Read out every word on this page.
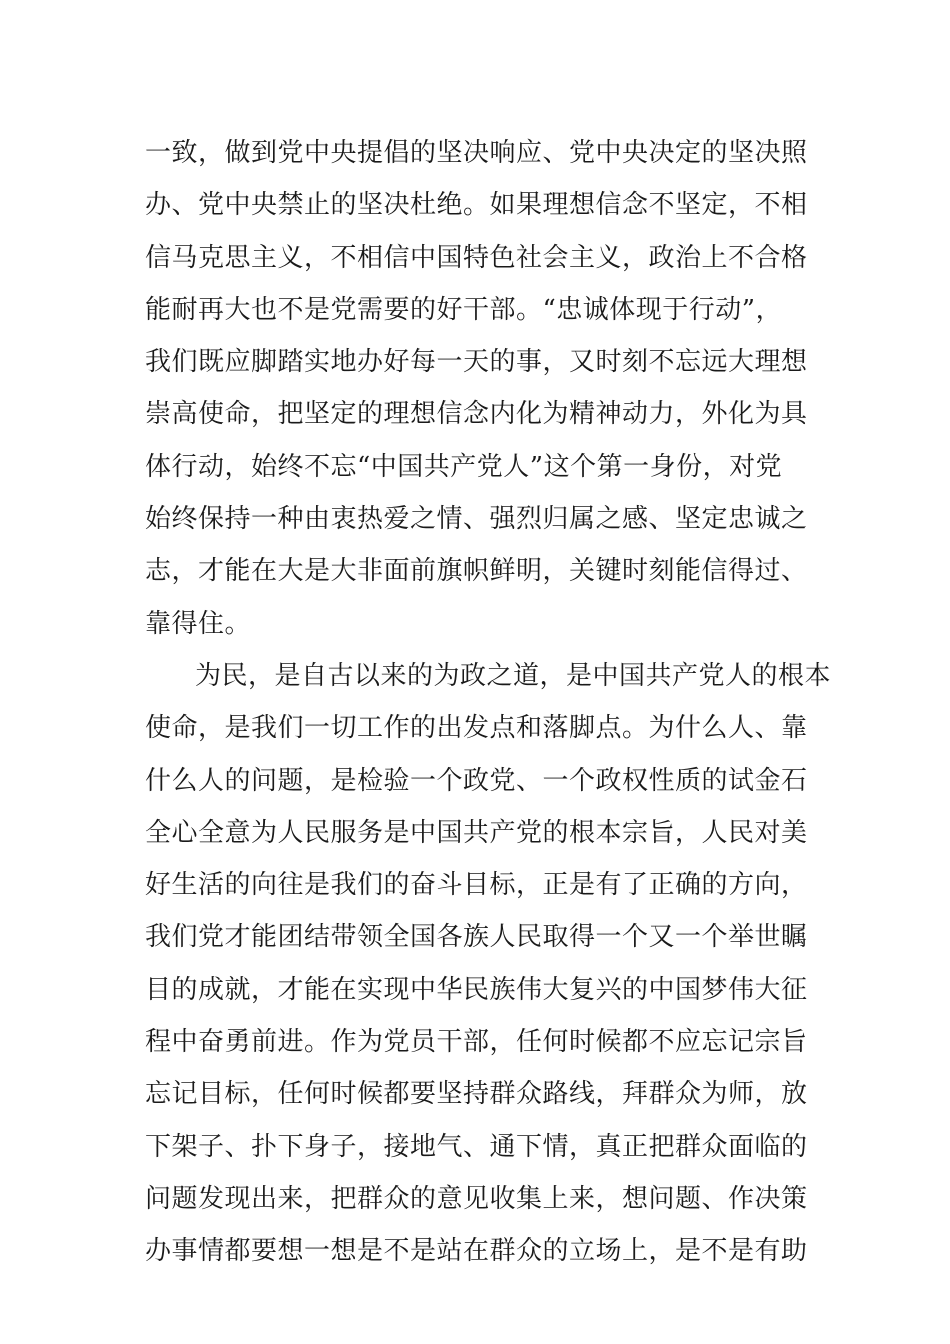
一致，做到党中央提倡的坚决响应、党中央决定的坚决照
办、党中央禁止的坚决杜绝。如果理想信念不坚定，不相
信马克思主义，不相信中国特色社会主义，政治上不合格
能耐再大也不是党需要的好干部。“忠诚体现于行动”，
我们既应脚踏实地办好每一天的事，又时刻不忘远大理想
崇高使命，把坚定的理想信念内化为精神动力，外化为具
体行动，始终不忘“中国共产党人”这个第一身份，对党
始终保持一种由衷热爱之情、强烈归属之感、坚定忠诚之
志，才能在大是大非面前旗帜鲜明，关键时刻能信得过、
靠得住。
为民，是自古以来的为政之道，是中国共产党人的根本
使命，是我们一切工作的出发点和落脚点。为什么人、靠
什么人的问题，是检验一个政党、一个政权性质的试金石
全心全意为人民服务是中国共产党的根本宗旨，人民对美
好生活的向往是我们的奋斗目标，正是有了正确的方向，
我们党才能团结带领全国各族人民取得一个又一个举世瞩
目的成就，才能在实现中华民族伟大复兴的中国梦伟大征
程中奋勇前进。作为党员干部，任何时候都不应忘记宗旨
忘记目标，任何时候都要坚持群众路线，拜群众为师，放
下架子、扑下身子，接地气、通下情，真正把群众面临的
问题发现出来，把群众的意见收集上来，想问题、作决策
办事情都要想一想是不是站在群众的立场上，是不是有助
